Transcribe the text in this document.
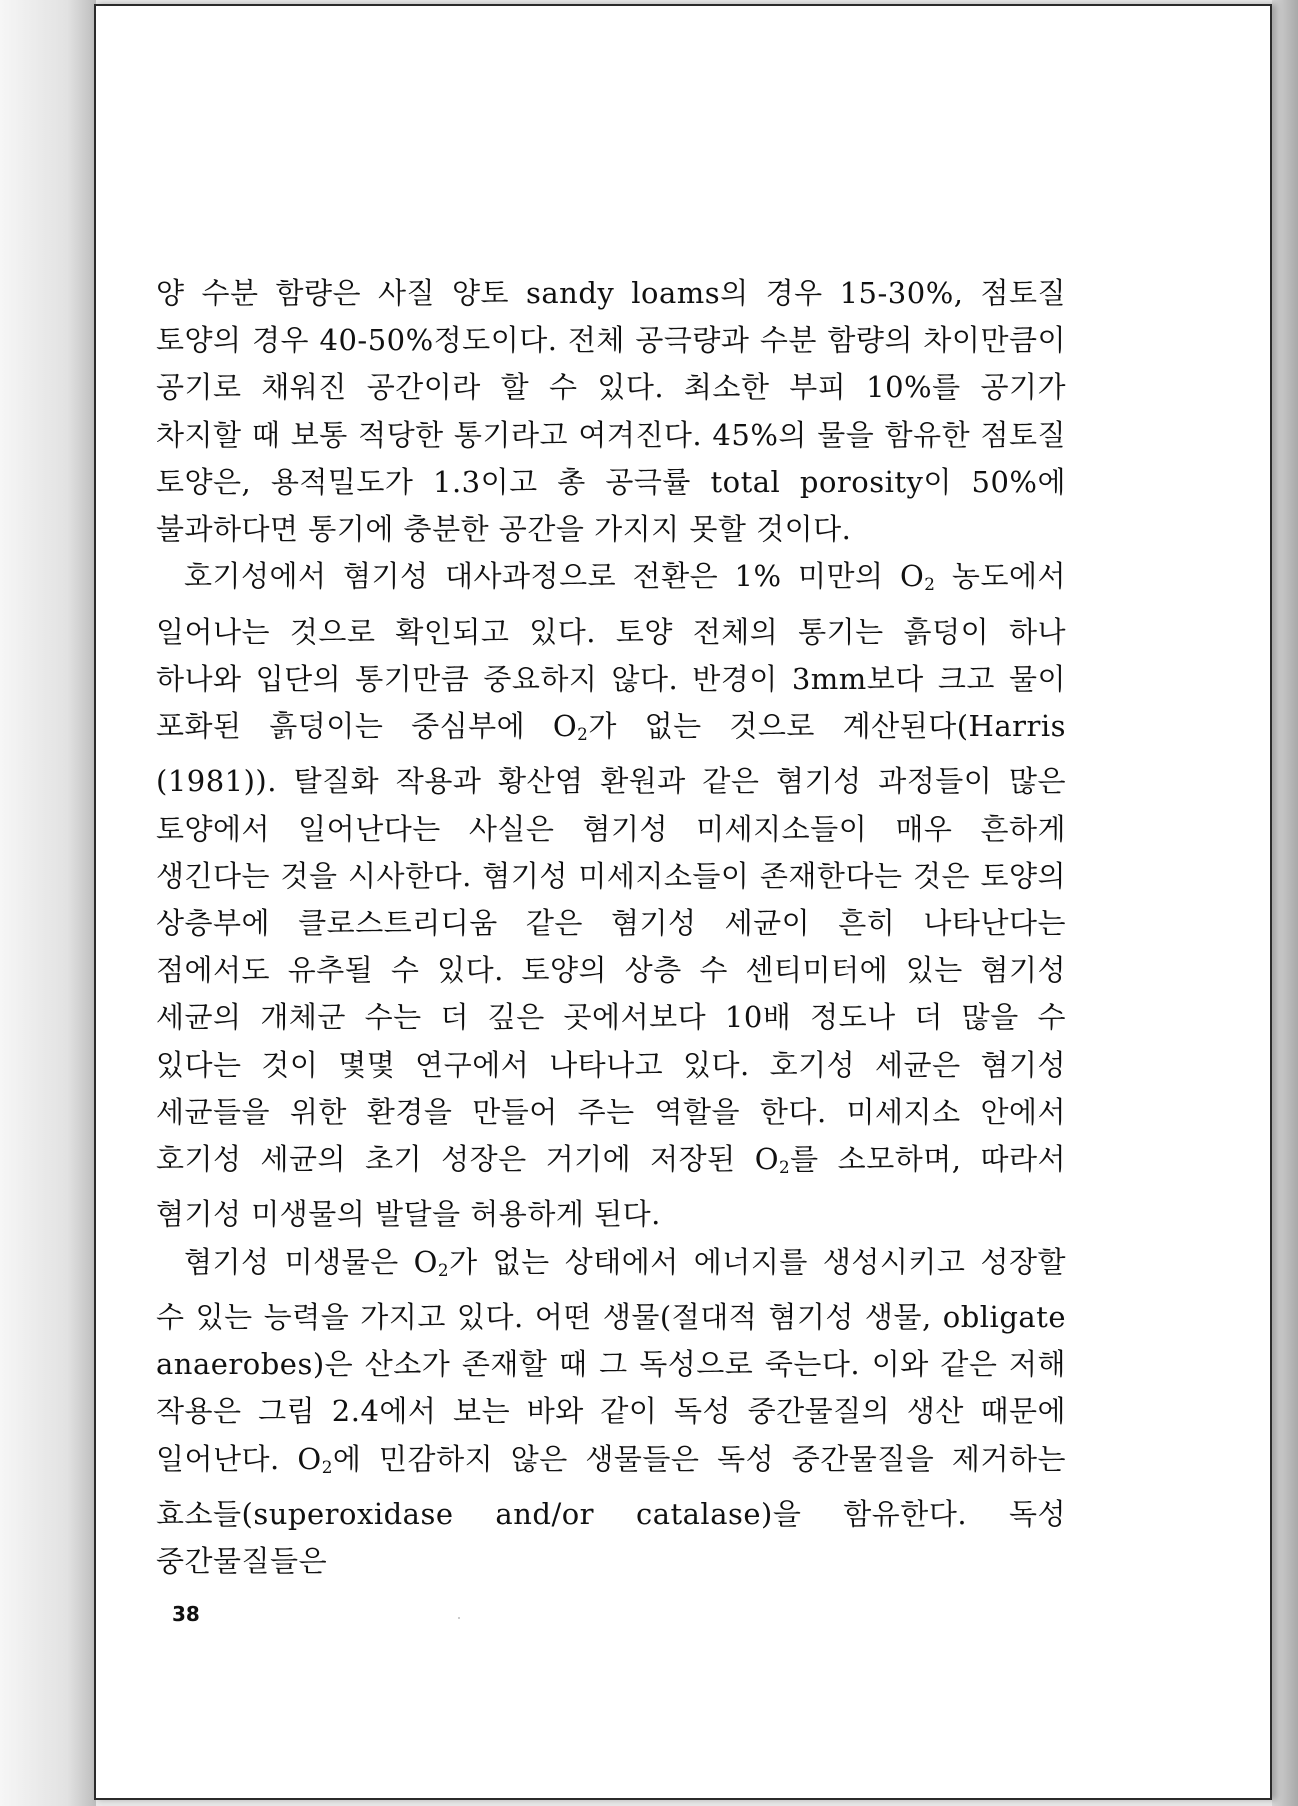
양 수분 함량은 사질 양토 sandy loams의 경우 15-30%, 점토질 토양의 경우 40-50%정도이다. 전체 공극량과 수분 함량의 차이만큼이 공기로 채워진 공간이라 할 수 있다. 최소한 부피 10%를 공기가 차지할 때 보통 적당한 통기라고 여겨진다. 45%의 물을 함유한 점토질 토양은, 용적밀도가 1.3이고 총 공극률 total porosity이 50%에 불과하다면 통기에 충분한 공간을 가지지 못할 것이다.

호기성에서 혐기성 대사과정으로 전환은 1% 미만의 $O_2$ 농도에서 일어나는 것으로 확인되고 있다. 토양 전체의 통기는 흙덩이 하나 하나와 입단의 통기만큼 중요하지 않다. 반경이 3mm보다 크고 물이 포화된 흙덩이는 중심부에 $O_2$가 없는 것으로 계산된다(Harris (1981)). 탈질화 작용과 황산염 환원과 같은 혐기성 과정들이 많은 토양에서 일어난다는 사실은 혐기성 미세지소들이 매우 흔하게 생긴다는 것을 시사한다. 혐기성 미세지소들이 존재한다는 것은 토양의 상층부에 클로스트리디움 같은 혐기성 세균이 흔히 나타난다는 점에서도 유추될 수 있다. 토양의 상층 수 센티미터에 있는 혐기성 세균의 개체군 수는 더 깊은 곳에서보다 10배 정도나 더 많을 수 있다는 것이 몇몇 연구에서 나타나고 있다. 호기성 세균은 혐기성 세균들을 위한 환경을 만들어 주는 역할을 한다. 미세지소 안에서 호기성 세균의 초기 성장은 거기에 저장된 $O_2$를 소모하며, 따라서 혐기성 미생물의 발달을 허용하게 된다.

혐기성 미생물은 $O_2$가 없는 상태에서 에너지를 생성시키고 성장할 수 있는 능력을 가지고 있다. 어떤 생물(절대적 혐기성 생물, obligate anaerobes)은 산소가 존재할 때 그 독성으로 죽는다. 이와 같은 저해 작용은 그림 2.4에서 보는 바와 같이 독성 중간물질의 생산 때문에 일어난다. $O_2$에 민감하지 않은 생물들은 독성 중간물질을 제거하는 효소들(superoxidase and/or catalase)을 함유한다. 독성 중간물질들은

38
